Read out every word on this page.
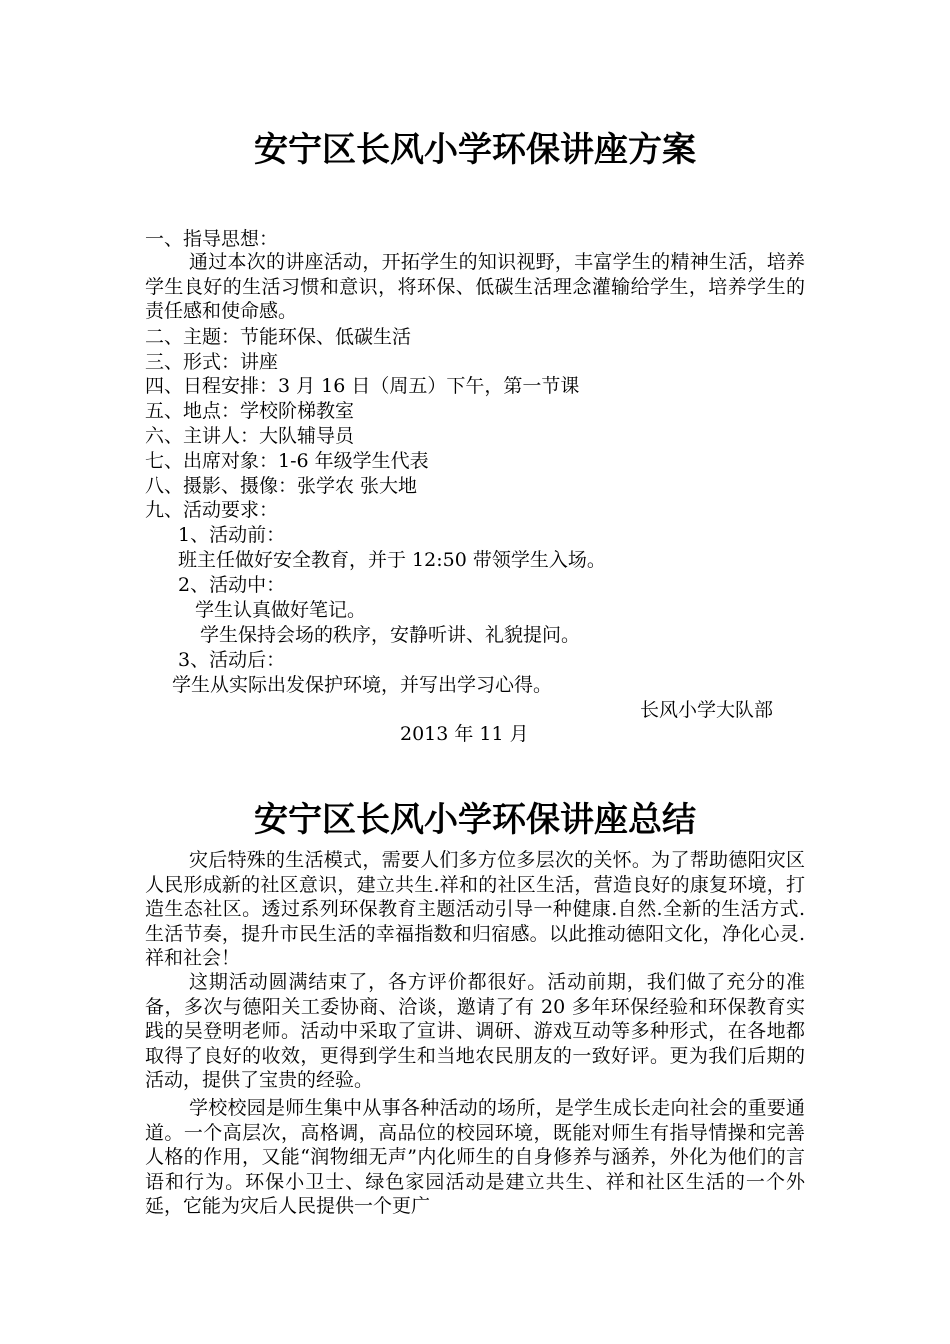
安宁区长风小学环保讲座方案
一、指导思想：
通过本次的讲座活动，开拓学生的知识视野，丰富学生的精神生活，培养学生良好的生活习惯和意识，将环保、低碳生活理念灌输给学生，培养学生的责任感和使命感。
二、主题：节能环保、低碳生活
三、形式：讲座
四、日程安排：3 月 16 日（周五）下午，第一节课
五、地点：学校阶梯教室
六、主讲人：大队辅导员
七、出席对象：1-6 年级学生代表
八、摄影、摄像：张学农 张大地
九、活动要求：
1、活动前：
班主任做好安全教育，并于 12:50 带领学生入场。
2、活动中：
学生认真做好笔记。
学生保持会场的秩序，安静听讲、礼貌提问。
3、活动后：
学生从实际出发保护环境，并写出学习心得。
长风小学大队部
2013 年 11 月
安宁区长风小学环保讲座总结
灾后特殊的生活模式，需要人们多方位多层次的关怀。为了帮助德阳灾区人民形成新的社区意识，建立共生.祥和的社区生活，营造良好的康复环境，打造生态社区。透过系列环保教育主题活动引导一种健康.自然.全新的生活方式.生活节奏，提升市民生活的幸福指数和归宿感。以此推动德阳文化，净化心灵.祥和社会！
这期活动圆满结束了，各方评价都很好。活动前期，我们做了充分的准备，多次与德阳关工委协商、洽谈，邀请了有 20 多年环保经验和环保教育实践的吴登明老师。活动中采取了宣讲、调研、游戏互动等多种形式，在各地都取得了良好的收效，更得到学生和当地农民朋友的一致好评。更为我们后期的活动，提供了宝贵的经验。
学校校园是师生集中从事各种活动的场所，是学生成长走向社会的重要通道。一个高层次，高格调，高品位的校园环境，既能对师生有指导情操和完善人格的作用，又能“润物细无声”内化师生的自身修养与涵养，外化为他们的言语和行为。环保小卫士、绿色家园活动是建立共生、祥和社区生活的一个外延，它能为灾后人民提供一个更广
